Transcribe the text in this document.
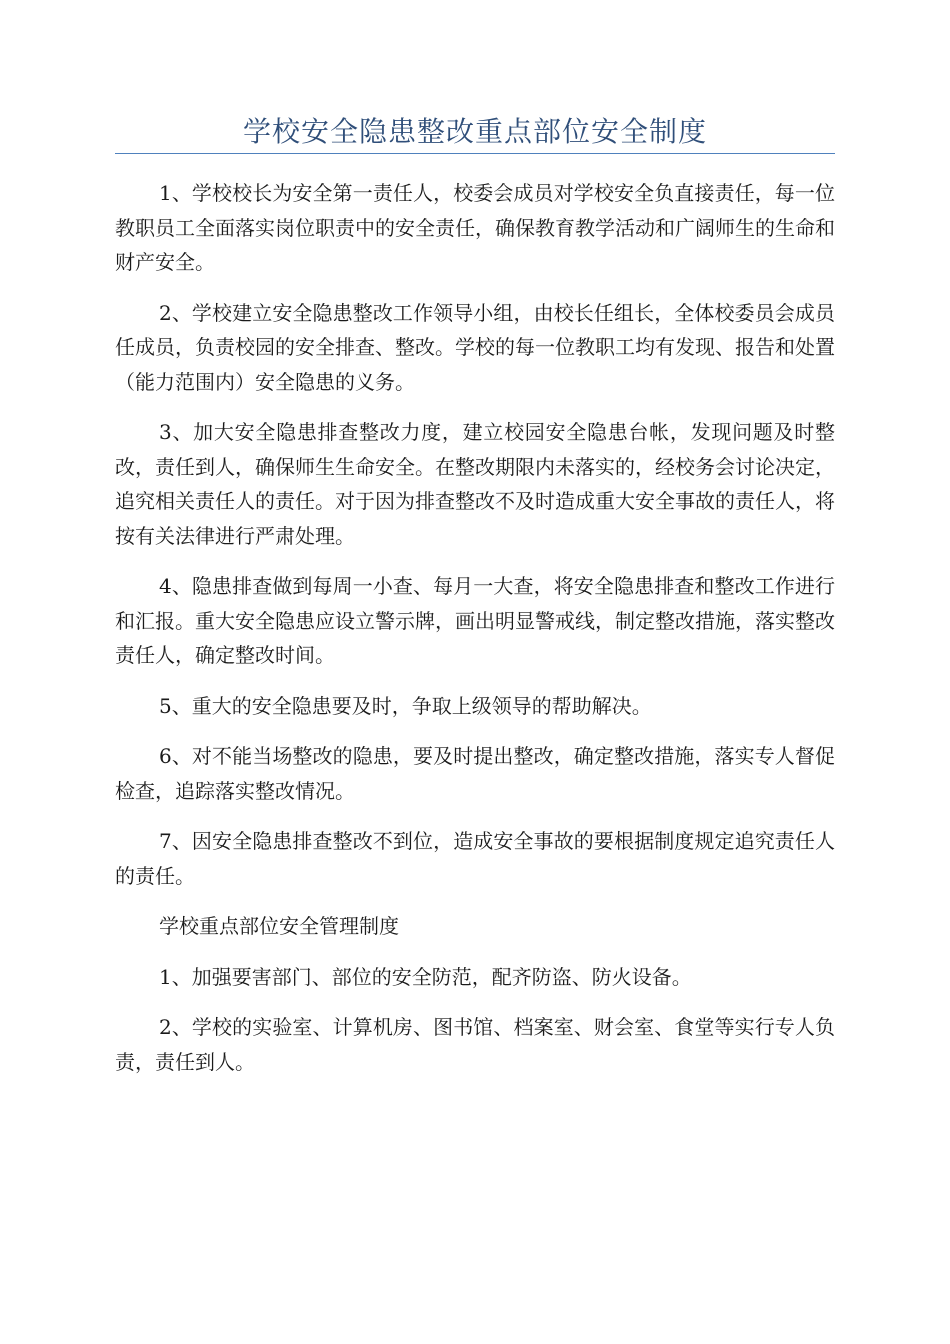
学校安全隐患整改重点部位安全制度

1、学校校长为安全第一责任人，校委会成员对学校安全负直接责任，每一位教职员工全面落实岗位职责中的安全责任，确保教育教学活动和广阔师生的生命和财产安全。

2、学校建立安全隐患整改工作领导小组，由校长任组长，全体校委员会成员任成员，负责校园的安全排查、整改。学校的每一位教职工均有发现、报告和处置（能力范围内）安全隐患的义务。

3、加大安全隐患排查整改力度，建立校园安全隐患台帐，发现问题及时整改，责任到人，确保师生生命安全。在整改期限内未落实的，经校务会讨论决定，追究相关责任人的责任。对于因为排查整改不及时造成重大安全事故的责任人，将按有关法律进行严肃处理。

4、隐患排查做到每周一小查、每月一大查，将安全隐患排查和整改工作进行和汇报。重大安全隐患应设立警示牌，画出明显警戒线，制定整改措施，落实整改责任人，确定整改时间。

5、重大的安全隐患要及时，争取上级领导的帮助解决。

6、对不能当场整改的隐患，要及时提出整改，确定整改措施，落实专人督促检查，追踪落实整改情况。

7、因安全隐患排查整改不到位，造成安全事故的要根据制度规定追究责任人的责任。

学校重点部位安全管理制度

1、加强要害部门、部位的安全防范，配齐防盗、防火设备。

2、学校的实验室、计算机房、图书馆、档案室、财会室、食堂等实行专人负责，责任到人。
